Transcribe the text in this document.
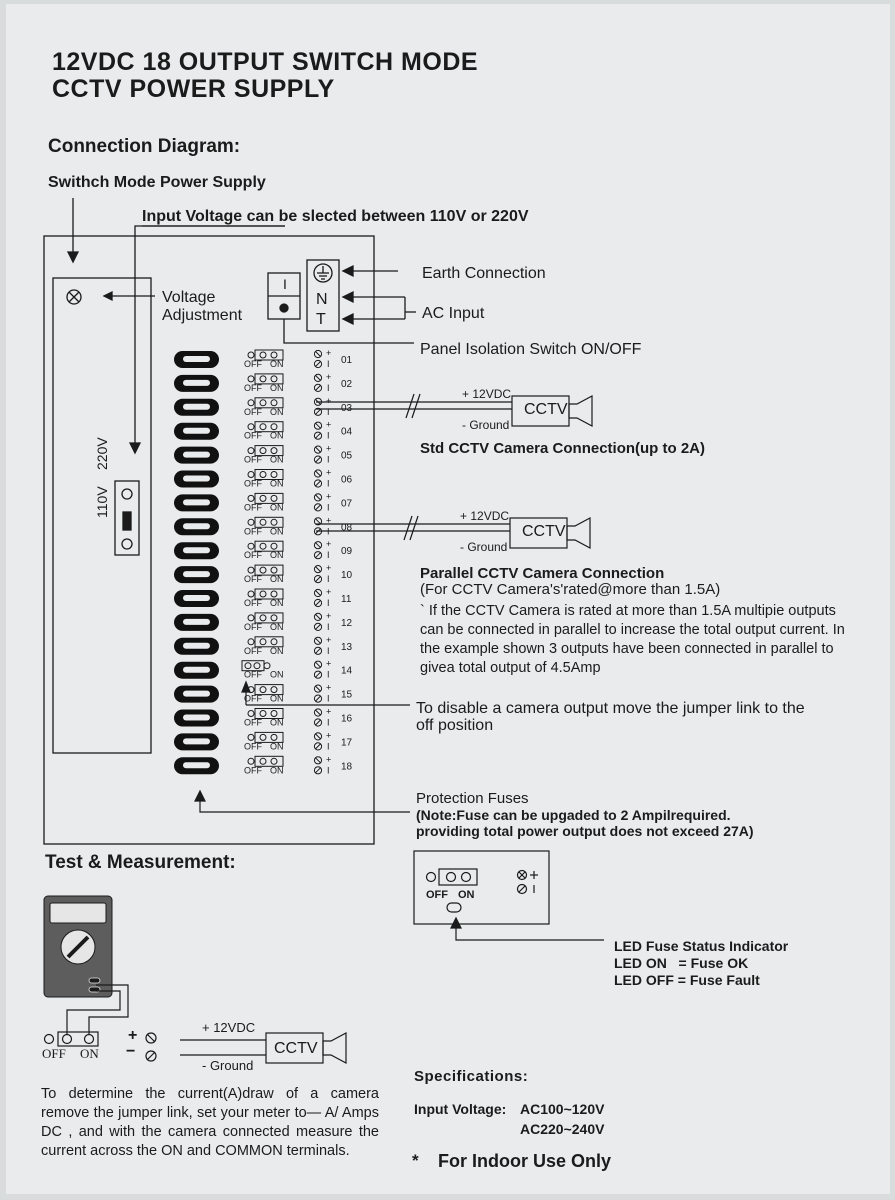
12VDC 18 OUTPUT SWITCH MODE
CCTV POWER SUPPLY
Connection Diagram:
Swithch Mode Power Supply
Input Voltage can be slected between 110V or 220V
Voltage
Adjustment
Earth Connection
AC Input
Panel Isolation Switch ON/OFF
N
T
I
110V
220V
+ 12VDC
- Ground
CCTV
Std CCTV Camera Connection(up to 2A)
+ 12VDC
- Ground
CCTV
Parallel CCTV Camera Connection
(For CCTV Camera's'rated@more than 1.5A)
` If the CCTV Camera is rated at more than 1.5A multipie outputs can be connected in parallel to increase the total output current. In the example shown 3 outputs have been connected in parallel to givea total output of 4.5Amp
To disable a camera output move the jumper link to the
off position
Protection Fuses
(Note:Fuse can be upgaded to 2 Ampilrequired.
providing total power output does not exceed 27A)
OFF ON
LED Fuse Status Indicator
LED ON   = Fuse OK
LED OFF = Fuse Fault
Test & Measurement:
OFF ON
+
−
+ 12VDC
- Ground
CCTV
To determine the current(A)draw of a camera remove the jumper link, set your meter to— A/ Amps DC , and with the camera connected measure the current across the ON and COMMON terminals.
Specifications:
Input Voltage: AC100~120V
AC220~240V
* For Indoor Use Only
OFF ON
OFF ON
OFF ON
OFF ON
OFF ON
OFF ON
OFF ON
OFF ON
OFF ON
OFF ON
OFF ON
OFF ON
OFF ON
OFF ON
OFF ON
OFF ON
OFF ON
OFF ON
+
I 01
+
I 02
+
I 03
+
I 04
+
I 05
+
I 06
+
I 07
+
I 08
+
I 09
+
I 10
+
I 11
+
I 12
+
I 13
+
I 14
+
I 15
+
I 16
+
I 17
+
I 18
